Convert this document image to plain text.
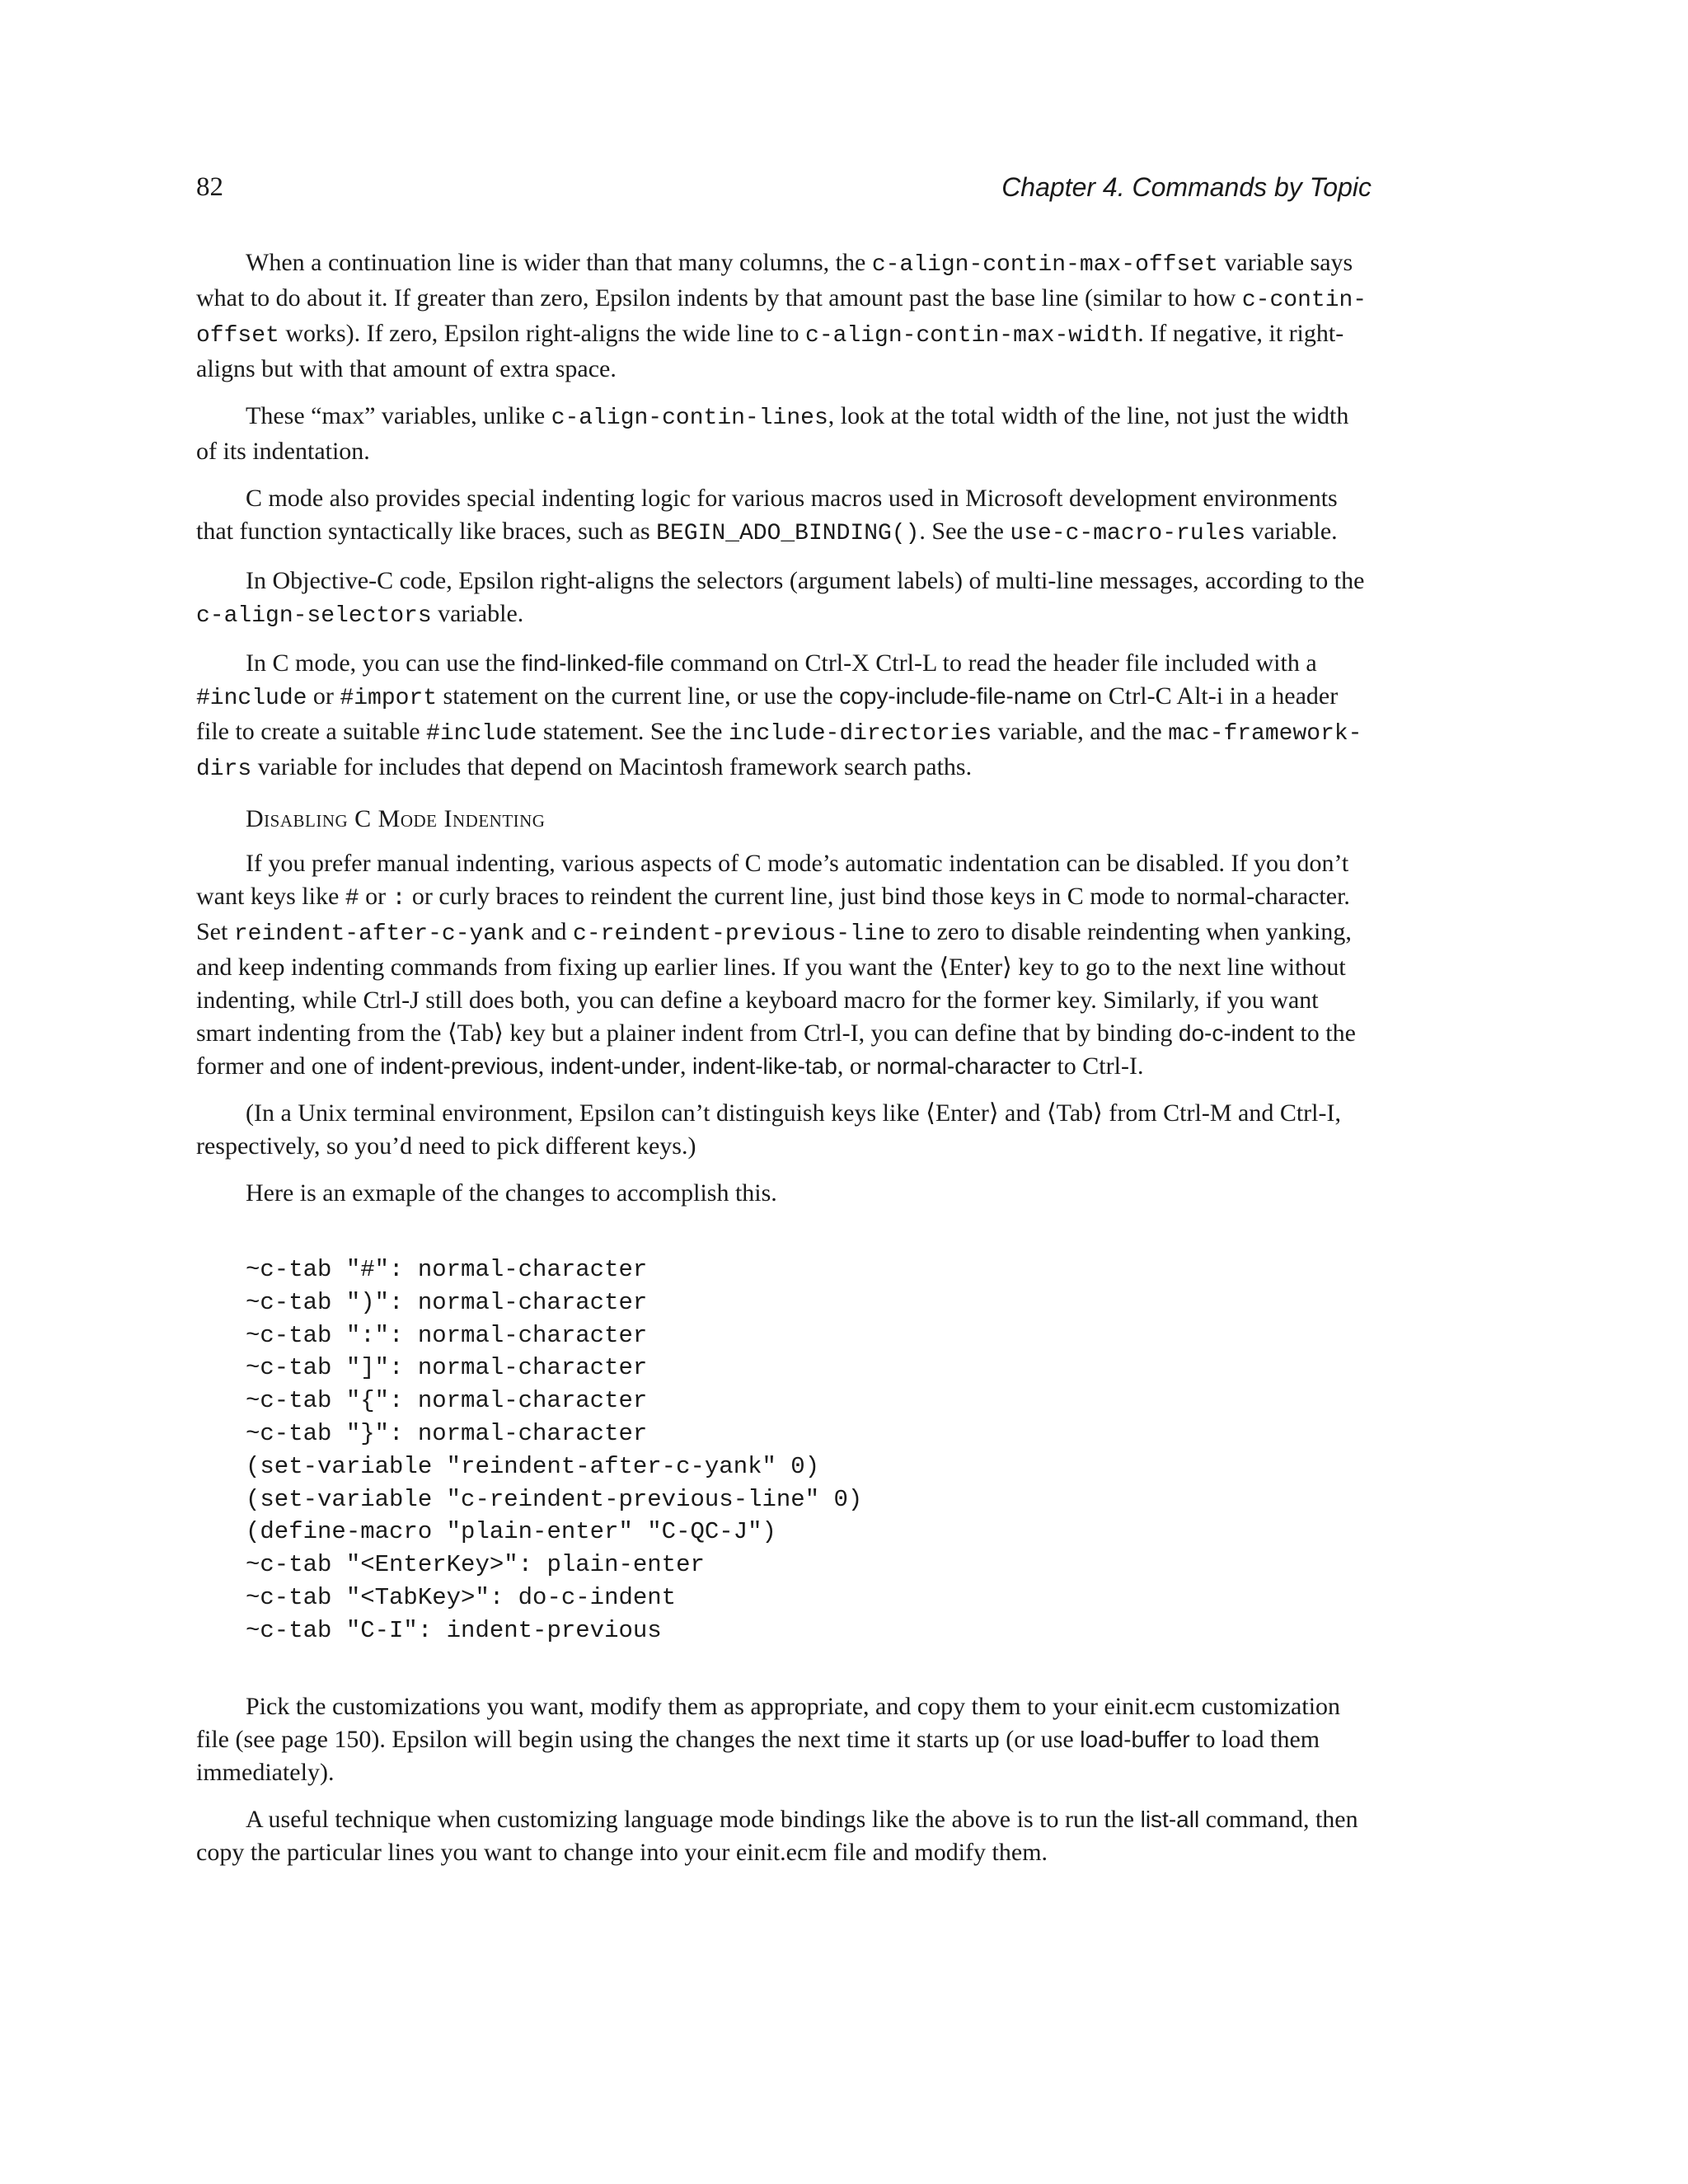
82	Chapter 4. Commands by Topic

When a continuation line is wider than that many columns, the c-align-contin-max-offset variable says what to do about it. If greater than zero, Epsilon indents by that amount past the base line (similar to how c-contin-offset works). If zero, Epsilon right-aligns the wide line to c-align-contin-max-width. If negative, it right-aligns but with that amount of extra space.

These “max” variables, unlike c-align-contin-lines, look at the total width of the line, not just the width of its indentation.

C mode also provides special indenting logic for various macros used in Microsoft development environments that function syntactically like braces, such as BEGIN_ADO_BINDING(). See the use-c-macro-rules variable.

In Objective-C code, Epsilon right-aligns the selectors (argument labels) of multi-line messages, according to the c-align-selectors variable.

In C mode, you can use the find-linked-file command on Ctrl-X Ctrl-L to read the header file included with a #include or #import statement on the current line, or use the copy-include-file-name on Ctrl-C Alt-i in a header file to create a suitable #include statement. See the include-directories variable, and the mac-framework-dirs variable for includes that depend on Macintosh framework search paths.

Disabling C Mode Indenting

If you prefer manual indenting, various aspects of C mode’s automatic indentation can be disabled. If you don’t want keys like # or : or curly braces to reindent the current line, just bind those keys in C mode to normal-character. Set reindent-after-c-yank and c-reindent-previous-line to zero to disable reindenting when yanking, and keep indenting commands from fixing up earlier lines. If you want the ⟨ Enter ⟩ key to go to the next line without indenting, while Ctrl-J still does both, you can define a keyboard macro for the former key. Similarly, if you want smart indenting from the ⟨ Tab ⟩ key but a plainer indent from Ctrl-I, you can define that by binding do-c-indent to the former and one of indent-previous, indent-under, indent-like-tab, or normal-character to Ctrl-I.

(In a Unix terminal environment, Epsilon can’t distinguish keys like ⟨ Enter ⟩ and ⟨ Tab ⟩ from Ctrl-M and Ctrl-I, respectively, so you’d need to pick different keys.)

Here is an exmaple of the changes to accomplish this.

~c-tab "#": normal-character
~c-tab ")": normal-character
~c-tab ":": normal-character
~c-tab "]": normal-character
~c-tab "{": normal-character
~c-tab "}": normal-character
(set-variable "reindent-after-c-yank" 0)
(set-variable "c-reindent-previous-line" 0)
(define-macro "plain-enter" "C-QC-J")
~c-tab "<EnterKey>": plain-enter
~c-tab "<TabKey>": do-c-indent
~c-tab "C-I": indent-previous

Pick the customizations you want, modify them as appropriate, and copy them to your einit.ecm customization file (see page 150). Epsilon will begin using the changes the next time it starts up (or use load-buffer to load them immediately).

A useful technique when customizing language mode bindings like the above is to run the list-all command, then copy the particular lines you want to change into your einit.ecm file and modify them.
